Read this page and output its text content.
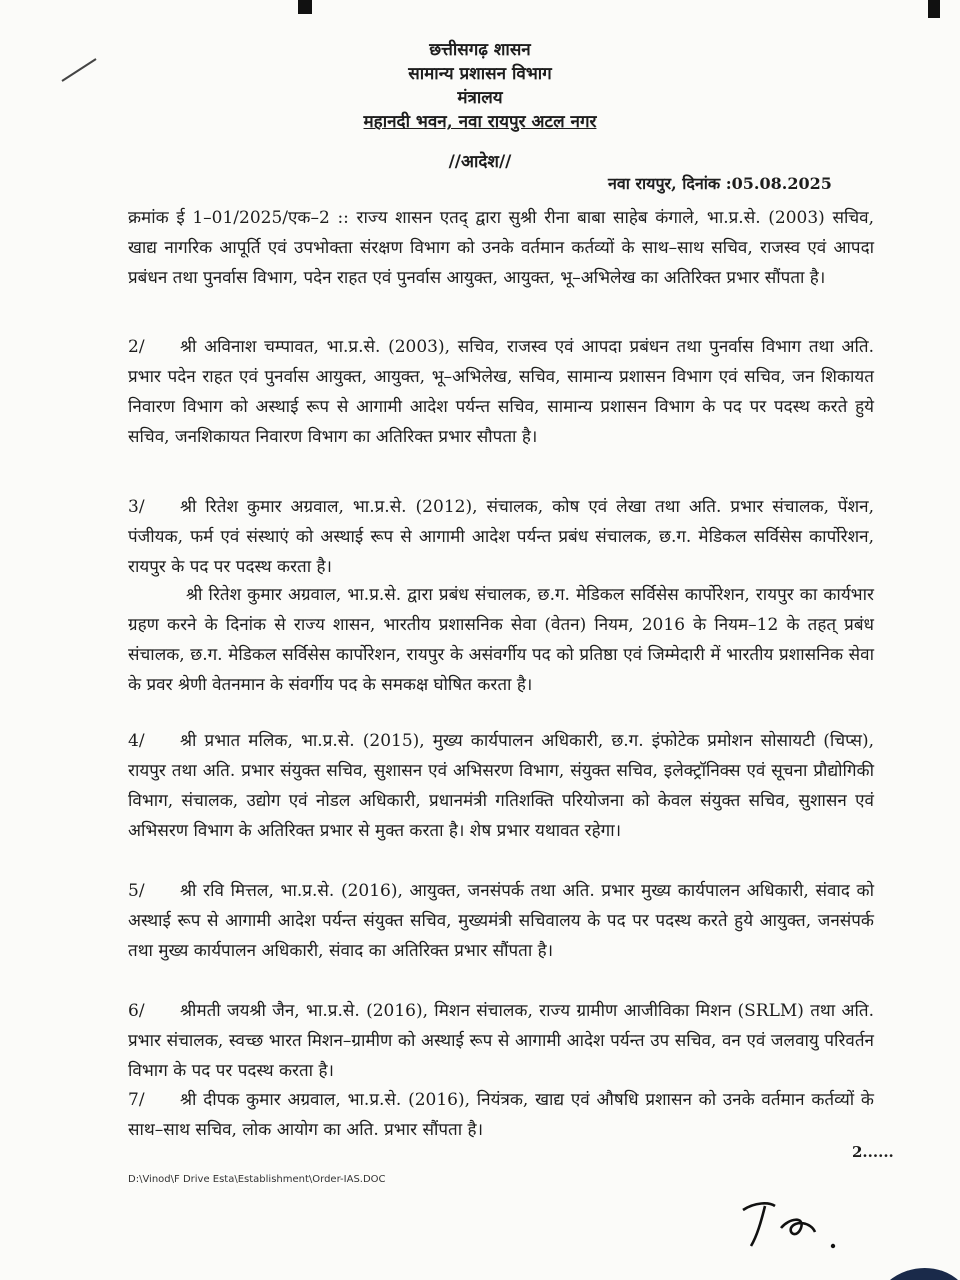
छत्तीसगढ़ शासन
सामान्य प्रशासन विभाग
मंत्रालय
महानदी भवन, नवा रायपुर अटल नगर
//आदेश//
नवा रायपुर, दिनांक :05.08.2025
क्रमांक ई 1–01/2025/एक–2 :: राज्य शासन एतद् द्वारा सुश्री रीना बाबा साहेब कंगाले, भा.प्र.से. (2003) सचिव, खाद्य नागरिक आपूर्ति एवं उपभोक्ता संरक्षण विभाग को उनके वर्तमान कर्तव्यों के साथ–साथ सचिव, राजस्व एवं आपदा प्रबंधन तथा पुनर्वास विभाग, पदेन राहत एवं पुनर्वास आयुक्त, आयुक्त, भू–अभिलेख का अतिरिक्त प्रभार सौंपता है।
2/ श्री अविनाश चम्पावत, भा.प्र.से. (2003), सचिव, राजस्व एवं आपदा प्रबंधन तथा पुनर्वास विभाग तथा अति. प्रभार पदेन राहत एवं पुनर्वास आयुक्त, आयुक्त, भू–अभिलेख, सचिव, सामान्य प्रशासन विभाग एवं सचिव, जन शिकायत निवारण विभाग को अस्थाई रूप से आगामी आदेश पर्यन्त सचिव, सामान्य प्रशासन विभाग के पद पर पदस्थ करते हुये सचिव, जनशिकायत निवारण विभाग का अतिरिक्त प्रभार सौपता है।
3/ श्री रितेश कुमार अग्रवाल, भा.प्र.से. (2012), संचालक, कोष एवं लेखा तथा अति. प्रभार संचालक, पेंशन, पंजीयक, फर्म एवं संस्थाएं को अस्थाई रूप से आगामी आदेश पर्यन्त प्रबंध संचालक, छ.ग. मेडिकल सर्विसेस कार्पोरेशन, रायपुर के पद पर पदस्थ करता है।
श्री रितेश कुमार अग्रवाल, भा.प्र.से. द्वारा प्रबंध संचालक, छ.ग. मेडिकल सर्विसेस कार्पोरेशन, रायपुर का कार्यभार ग्रहण करने के दिनांक से राज्य शासन, भारतीय प्रशासनिक सेवा (वेतन) नियम, 2016 के नियम–12 के तहत् प्रबंध संचालक, छ.ग. मेडिकल सर्विसेस कार्पोरेशन, रायपुर के असंवर्गीय पद को प्रतिष्ठा एवं जिम्मेदारी में भारतीय प्रशासनिक सेवा के प्रवर श्रेणी वेतनमान के संवर्गीय पद के समकक्ष घोषित करता है।
4/ श्री प्रभात मलिक, भा.प्र.से. (2015), मुख्य कार्यपालन अधिकारी, छ.ग. इंफोटेक प्रमोशन सोसायटी (चिप्स), रायपुर तथा अति. प्रभार संयुक्त सचिव, सुशासन एवं अभिसरण विभाग, संयुक्त सचिव, इलेक्ट्रॉनिक्स एवं सूचना प्रौद्योगिकी विभाग, संचालक, उद्योग एवं नोडल अधिकारी, प्रधानमंत्री गतिशक्ति परियोजना को केवल संयुक्त सचिव, सुशासन एवं अभिसरण विभाग के अतिरिक्त प्रभार से मुक्त करता है। शेष प्रभार यथावत रहेगा।
5/ श्री रवि मित्तल, भा.प्र.से. (2016), आयुक्त, जनसंपर्क तथा अति. प्रभार मुख्य कार्यपालन अधिकारी, संवाद को अस्थाई रूप से आगामी आदेश पर्यन्त संयुक्त सचिव, मुख्यमंत्री सचिवालय के पद पर पदस्थ करते हुये आयुक्त, जनसंपर्क तथा मुख्य कार्यपालन अधिकारी, संवाद का अतिरिक्त प्रभार सौंपता है।
6/ श्रीमती जयश्री जैन, भा.प्र.से. (2016), मिशन संचालक, राज्य ग्रामीण आजीविका मिशन (SRLM) तथा अति. प्रभार संचालक, स्वच्छ भारत मिशन–ग्रामीण को अस्थाई रूप से आगामी आदेश पर्यन्त उप सचिव, वन एवं जलवायु परिवर्तन विभाग के पद पर पदस्थ करता है।
7/ श्री दीपक कुमार अग्रवाल, भा.प्र.से. (2016), नियंत्रक, खाद्य एवं औषधि प्रशासन को उनके वर्तमान कर्तव्यों के साथ–साथ सचिव, लोक आयोग का अति. प्रभार सौंपता है।
2......
D:\Vinod\F Drive Esta\Establishment\Order-IAS.DOC
